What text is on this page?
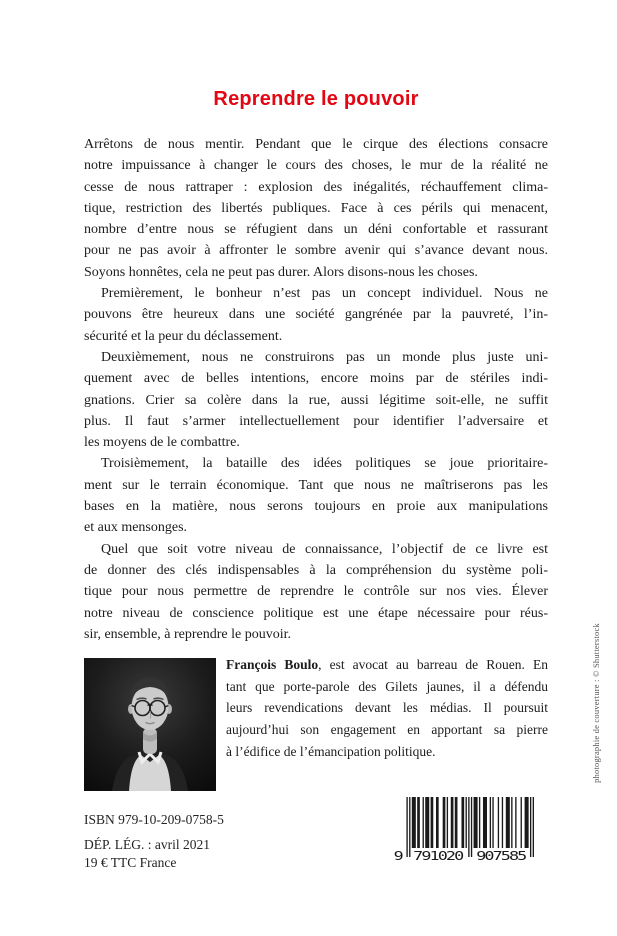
Reprendre le pouvoir
Arrêtons de nous mentir. Pendant que le cirque des élections consacre
notre impuissance à changer le cours des choses, le mur de la réalité ne
cesse de nous rattraper : explosion des inégalités, réchauffement clima-
tique, restriction des libertés publiques. Face à ces périls qui menacent,
nombre d’entre nous se réfugient dans un déni confortable et rassurant
pour ne pas avoir à affronter le sombre avenir qui s’avance devant nous.
Soyons honnêtes, cela ne peut pas durer. Alors disons-nous les choses.
Premièrement, le bonheur n’est pas un concept individuel. Nous ne
pouvons être heureux dans une société gangrénée par la pauvreté, l’in-
sécurité et la peur du déclassement.
Deuxièmement, nous ne construirons pas un monde plus juste uni-
quement avec de belles intentions, encore moins par de stériles indi-
gnations. Crier sa colère dans la rue, aussi légitime soit-elle, ne suffit
plus. Il faut s’armer intellectuellement pour identifier l’adversaire et
les moyens de le combattre.
Troisièmement, la bataille des idées politiques se joue prioritaire-
ment sur le terrain économique. Tant que nous ne maîtriserons pas les
bases en la matière, nous serons toujours en proie aux manipulations
et aux mensonges.
Quel que soit votre niveau de connaissance, l’objectif de ce livre est
de donner des clés indispensables à la compréhension du système poli-
tique pour nous permettre de reprendre le contrôle sur nos vies. Élever
notre niveau de conscience politique est une étape nécessaire pour réus-
sir, ensemble, à reprendre le pouvoir.
François Boulo, est avocat au barreau de Rouen. En
tant que porte-parole des Gilets jaunes, il a défendu
leurs revendications devant les médias. Il poursuit
aujourd’hui son engagement en apportant sa pierre
à l’édifice de l’émancipation politique.
ISBN 979-10-209-0758-5
DÉP. LÉG. : avril 2021
19 € TTC France	9 791020 907585
photographie de couverture : © Shutterstock
